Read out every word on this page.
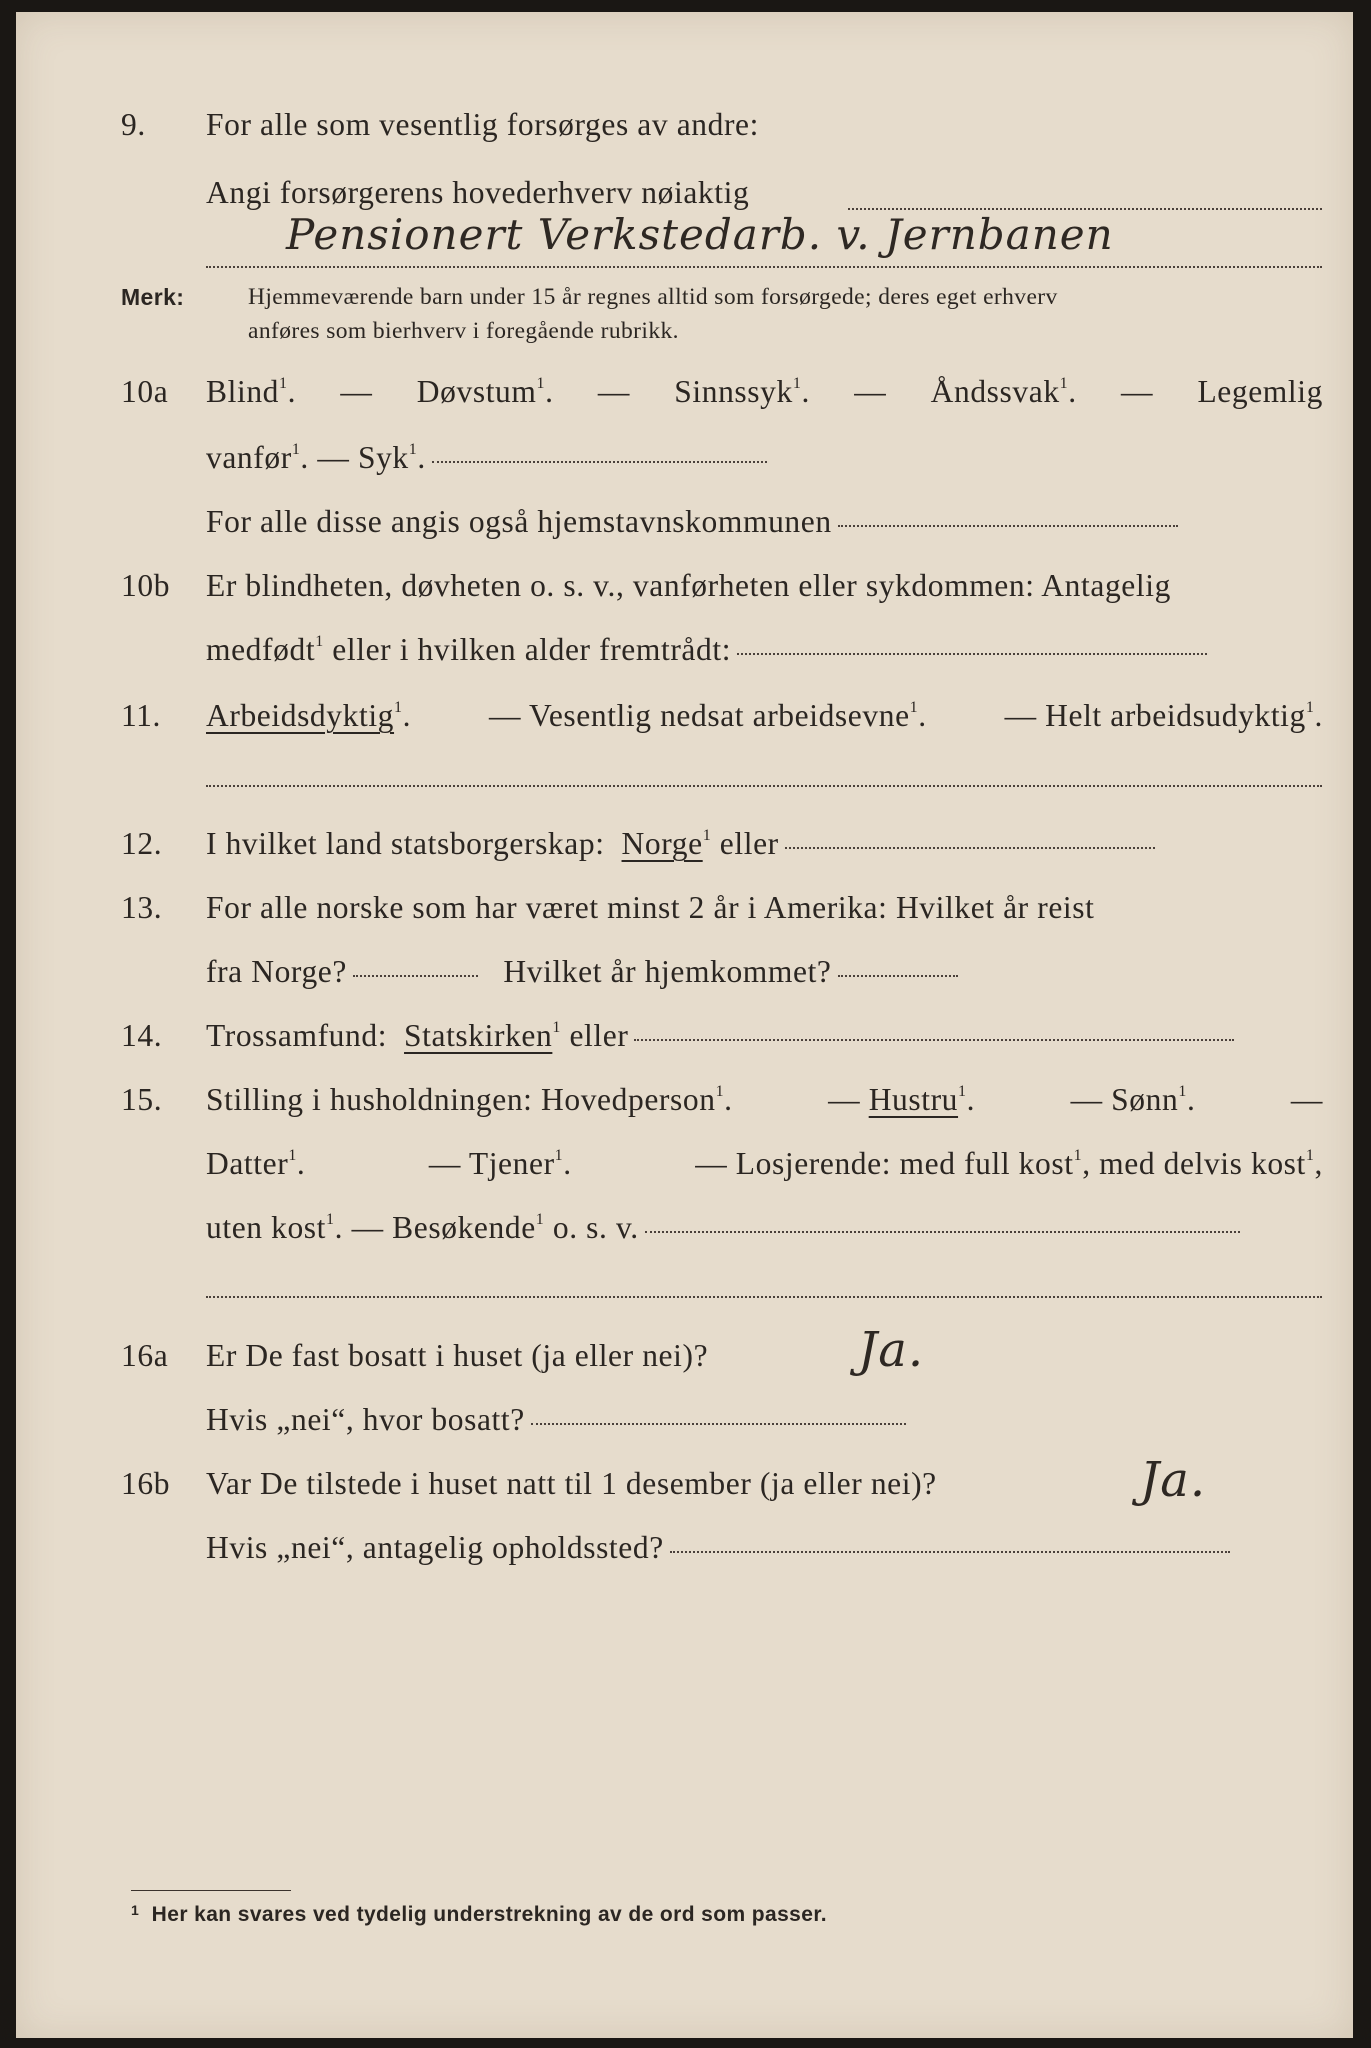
9. For alle som vesentlig forsørges av andre:
Angi forsørgerens hovederhverv nøiaktig
Pensionert Verkstedarb. v. Jernbanen
Merk:	Hjemmeværende barn under 15 år regnes alltid som forsørgede; deres eget erhverv
anføres som bierhverv i foregående rubrikk.
10a Blind$^1$. — Døvstum$^1$. — Sinnssyk$^1$. — Åndssvak$^1$. — Legemlig
vanfør$^1$. — Syk$^1$.
For alle disse angis også hjemstavnskommunen
10b Er blindheten, døvheten o. s. v., vanførheten eller sykdommen: Antagelig
medfødt$^1$ eller i hvilken alder fremtrådt:
11. Arbeidsdyktig$^1$. — Vesentlig nedsat arbeidsevne$^1$. — Helt arbeidsudyktig$^1$.
12. I hvilket land statsborgerskap: Norge$^1$ eller
13. For alle norske som har været minst 2 år i Amerika: Hvilket år reist
fra Norge?	Hvilket år hjemkommet?
14. Trossamfund: Statskirken$^1$ eller
15. Stilling i husholdningen: Hovedperson$^1$.	— Hustru$^1$.	— Sønn$^1$.	—
Datter$^1$.	— Tjener$^1$.	— Losjerende: med full kost$^1$, med delvis kost$^1$,
uten kost$^1$. — Besøkende$^1$ o. s. v.
16a Er De fast bosatt i huset (ja eller nei)?	Ja.
Hvis „nei“, hvor bosatt?
16b Var De tilstede i huset natt til 1 desember (ja eller nei)?	Ja.
Hvis „nei“, antagelig opholdssted?
$^1$ Her kan svares ved tydelig understrekning av de ord som passer.
